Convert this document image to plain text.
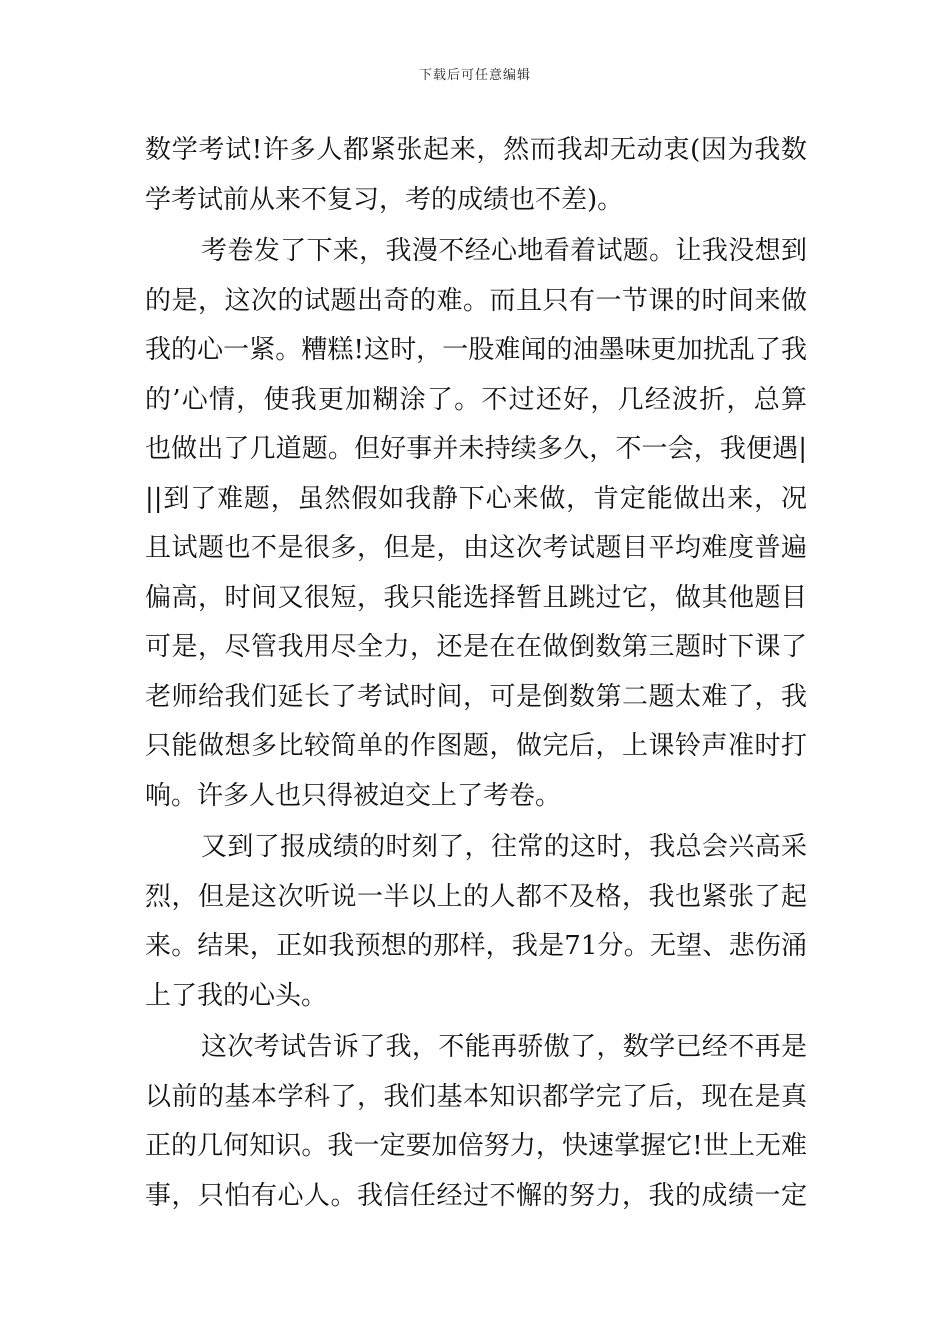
下载后可任意编辑
数学考试!许多人都紧张起来，然而我却无动衷(因为我数
学考试前从来不复习，考的成绩也不差)。
考卷发了下来，我漫不经心地看着试题。让我没想到
的是，这次的试题出奇的难。而且只有一节课的时间来做
我的心一紧。糟糕!这时，一股难闻的油墨味更加扰乱了我
的’心情，使我更加糊涂了。不过还好，几经波折，总算
也做出了几道题。但好事并未持续多久，不一会，我便遇|
||到了难题，虽然假如我静下心来做，肯定能做出来，况
且试题也不是很多，但是，由这次考试题目平均难度普遍
偏高，时间又很短，我只能选择暂且跳过它，做其他题目
可是，尽管我用尽全力，还是在在做倒数第三题时下课了
老师给我们延长了考试时间，可是倒数第二题太难了，我
只能做想多比较简单的作图题，做完后，上课铃声准时打
响。许多人也只得被迫交上了考卷。
又到了报成绩的时刻了，往常的这时，我总会兴高采
烈，但是这次听说一半以上的人都不及格，我也紧张了起
来。结果，正如我预想的那样，我是71分。无望、悲伤涌
上了我的心头。
这次考试告诉了我，不能再骄傲了，数学已经不再是
以前的基本学科了，我们基本知识都学完了后，现在是真
正的几何知识。我一定要加倍努力，快速掌握它!世上无难
事，只怕有心人。我信任经过不懈的努力，我的成绩一定
